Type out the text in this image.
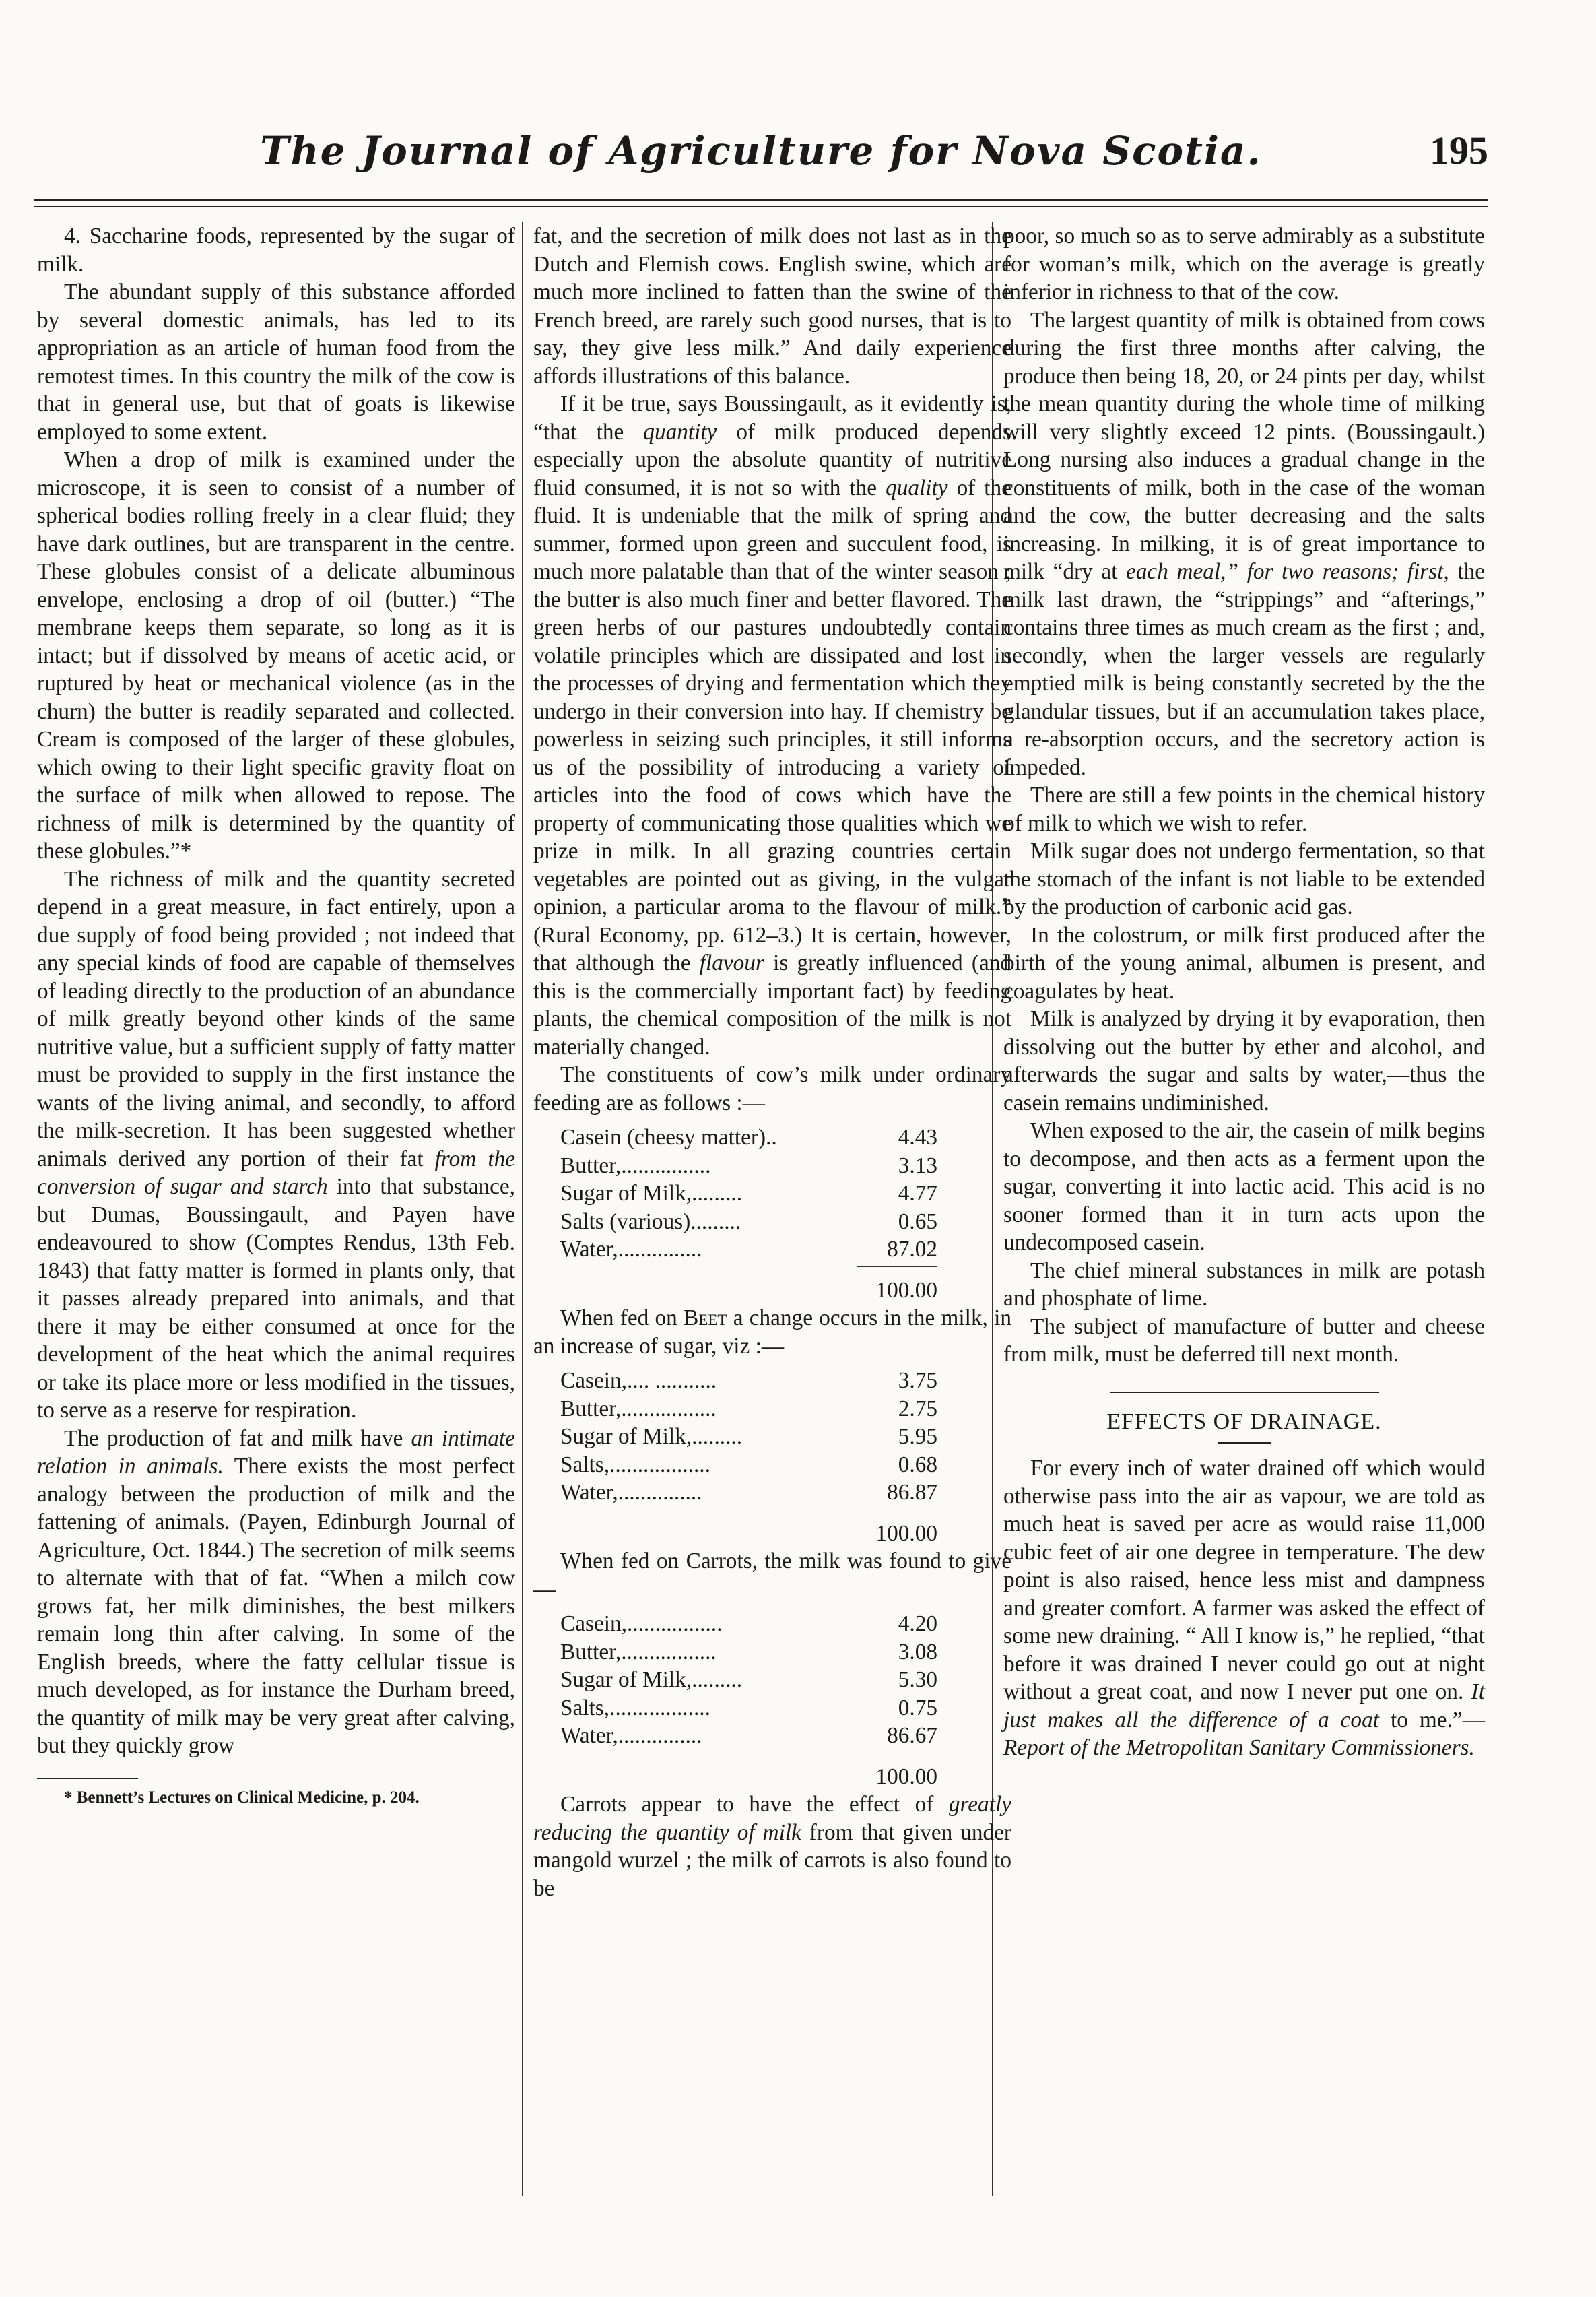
The Journal of Agriculture for Nova Scotia.	195

4. Saccharine foods, represented by the sugar of milk.

The abundant supply of this substance afforded by several domestic animals, has led to its appropriation as an article of human food from the remotest times. In this country the milk of the cow is that in general use, but that of goats is likewise employed to some extent.

When a drop of milk is examined under the microscope, it is seen to consist of a number of spherical bodies rolling freely in a clear fluid; they have dark outlines, but are transparent in the centre. These globules consist of a delicate albuminous envelope, enclosing a drop of oil (butter.) “The membrane keeps them separate, so long as it is intact; but if dissolved by means of acetic acid, or ruptured by heat or mechanical violence (as in the churn) the butter is readily separated and collected. Cream is composed of the larger of these globules, which owing to their light specific gravity float on the surface of milk when allowed to repose. The richness of milk is determined by the quantity of these globules.”*

The richness of milk and the quantity secreted depend in a great measure, in fact entirely, upon a due supply of food being provided ; not indeed that any special kinds of food are capable of themselves of leading directly to the production of an abundance of milk greatly beyond other kinds of the same nutritive value, but a sufficient supply of fatty matter must be provided to supply in the first instance the wants of the living animal, and secondly, to afford the milk-secretion. It has been suggested whether animals derived any portion of their fat from the conversion of sugar and starch into that substance, but Dumas, Boussingault, and Payen have endeavoured to show (Comptes Rendus, 13th Feb. 1843) that fatty matter is formed in plants only, that it passes already prepared into animals, and that there it may be either consumed at once for the development of the heat which the animal requires or take its place more or less modified in the tissues, to serve as a reserve for respiration.

The production of fat and milk have an intimate relation in animals. There exists the most perfect analogy between the production of milk and the fattening of animals. (Payen, Edinburgh Journal of Agriculture, Oct. 1844.) The secretion of milk seems to alternate with that of fat. “When a milch cow grows fat, her milk diminishes, the best milkers remain long thin after calving. In some of the English breeds, where the fatty cellular tissue is much developed, as for instance the Durham breed, the quantity of milk may be very great after calving, but they quickly grow

* Bennett’s Lectures on Clinical Medicine, p. 204.

fat, and the secretion of milk does not last as in the Dutch and Flemish cows. English swine, which are much more inclined to fatten than the swine of the French breed, are rarely such good nurses, that is to say, they give less milk.” And daily experience affords illustrations of this balance.

If it be true, says Boussingault, as it evidently is, “that the quantity of milk produced depends especially upon the absolute quantity of nutritive fluid consumed, it is not so with the quality of the fluid. It is undeniable that the milk of spring and summer, formed upon green and succulent food, is much more palatable than that of the winter season ; the butter is also much finer and better flavored. The green herbs of our pastures undoubtedly contain volatile principles which are dissipated and lost in the processes of drying and fermentation which they undergo in their conversion into hay. If chemistry be powerless in seizing such principles, it still informs us of the possibility of introducing a variety of articles into the food of cows which have the property of communicating those qualities which we prize in milk. In all grazing countries certain vegetables are pointed out as giving, in the vulgar opinion, a particular aroma to the flavour of milk.” (Rural Economy, pp. 612–3.) It is certain, however, that although the flavour is greatly influenced (and this is the commercially important fact) by feeding plants, the chemical composition of the milk is not materially changed.

The constituents of cow’s milk under ordinary feeding are as follows :—

Casein (cheesy matter)..	4.43
Butter,................	3.13
Sugar of Milk,.........	4.77
Salts (various).........	0.65
Water,...............	87.02
100.00

When fed on Beet a change occurs in the milk, in an increase of sugar, viz :—

Casein,.... ...........	3.75
Butter,.................	2.75
Sugar of Milk,.........	5.95
Salts,..................	0.68
Water,...............	86.87
100.00

When fed on Carrots, the milk was found to give—

Casein,.................	4.20
Butter,.................	3.08
Sugar of Milk,.........	5.30
Salts,..................	0.75
Water,...............	86.67
100.00

Carrots appear to have the effect of greatly reducing the quantity of milk from that given under mangold wurzel ; the milk of carrots is also found to be

poor, so much so as to serve admirably as a substitute for woman’s milk, which on the average is greatly inferior in richness to that of the cow.

The largest quantity of milk is obtained from cows during the first three months after calving, the produce then being 18, 20, or 24 pints per day, whilst the mean quantity during the whole time of milking will very slightly exceed 12 pints. (Boussingault.) Long nursing also induces a gradual change in the constituents of milk, both in the case of the woman and the cow, the butter decreasing and the salts increasing. In milking, it is of great importance to milk “dry at each meal,” for two reasons; first, the milk last drawn, the “strippings” and “afterings,” contains three times as much cream as the first ; and, secondly, when the larger vessels are regularly emptied milk is being constantly secreted by the the glandular tissues, but if an accumulation takes place, a re-absorption occurs, and the secretory action is impeded.

There are still a few points in the chemical history of milk to which we wish to refer.

Milk sugar does not undergo fermentation, so that the stomach of the infant is not liable to be extended by the production of carbonic acid gas.

In the colostrum, or milk first produced after the birth of the young animal, albumen is present, and coagulates by heat.

Milk is analyzed by drying it by evaporation, then dissolving out the butter by ether and alcohol, and afterwards the sugar and salts by water,—thus the casein remains undiminished.

When exposed to the air, the casein of milk begins to decompose, and then acts as a ferment upon the sugar, converting it into lactic acid. This acid is no sooner formed than it in turn acts upon the undecomposed casein.

The chief mineral substances in milk are potash and phosphate of lime.

The subject of manufacture of butter and cheese from milk, must be deferred till next month.

EFFECTS OF DRAINAGE.

For every inch of water drained off which would otherwise pass into the air as vapour, we are told as much heat is saved per acre as would raise 11,000 cubic feet of air one degree in temperature. The dew point is also raised, hence less mist and dampness and greater comfort. A farmer was asked the effect of some new draining. “ All I know is,” he replied, “that before it was drained I never could go out at night without a great coat, and now I never put one on. It just makes all the difference of a coat to me.”—Report of the Metropolitan Sanitary Commissioners.
